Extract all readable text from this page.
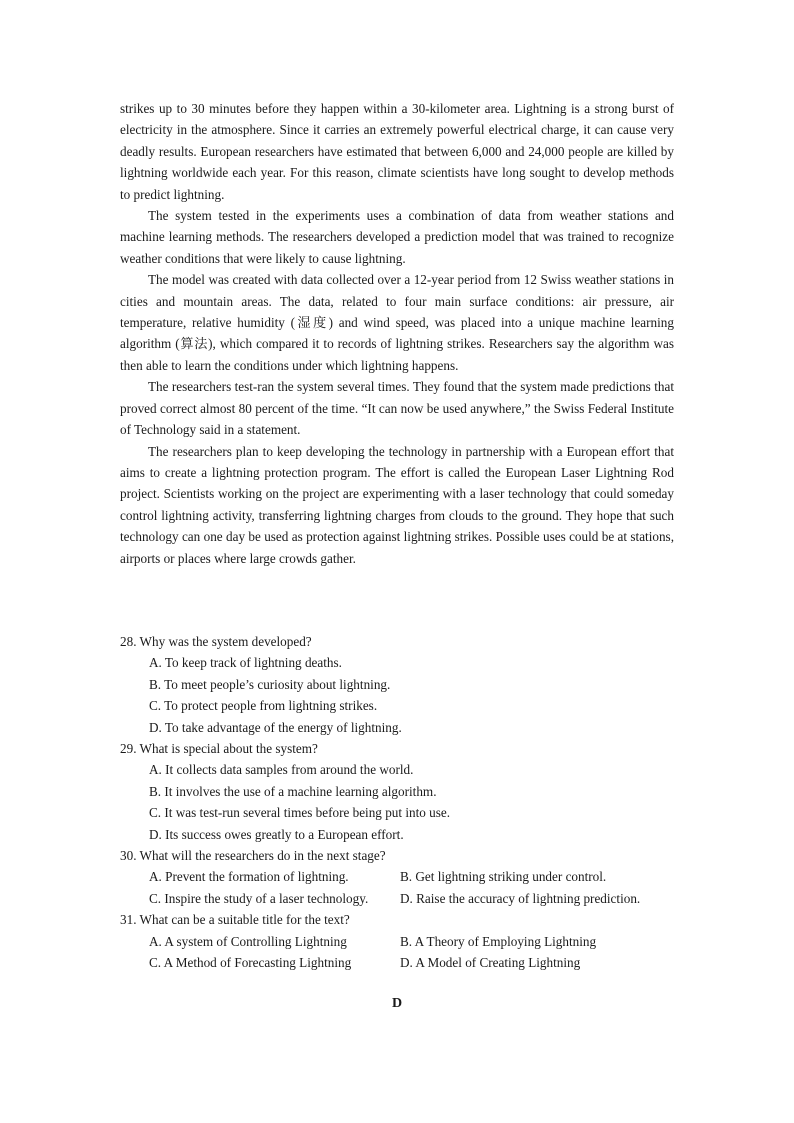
strikes up to 30 minutes before they happen within a 30-kilometer area. Lightning is a strong burst of electricity in the atmosphere. Since it carries an extremely powerful electrical charge, it can cause very deadly results. European researchers have estimated that between 6,000 and 24,000 people are killed by lightning worldwide each year. For this reason, climate scientists have long sought to develop methods to predict lightning.

The system tested in the experiments uses a combination of data from weather stations and machine learning methods. The researchers developed a prediction model that was trained to recognize weather conditions that were likely to cause lightning.

The model was created with data collected over a 12-year period from 12 Swiss weather stations in cities and mountain areas. The data, related to four main surface conditions: air pressure, air temperature, relative humidity (湿度) and wind speed, was placed into a unique machine learning algorithm (算法), which compared it to records of lightning strikes. Researchers say the algorithm was then able to learn the conditions under which lightning happens.

The researchers test-ran the system several times. They found that the system made predictions that proved correct almost 80 percent of the time. “It can now be used anywhere,” the Swiss Federal Institute of Technology said in a statement.

The researchers plan to keep developing the technology in partnership with a European effort that aims to create a lightning protection program. The effort is called the European Laser Lightning Rod project. Scientists working on the project are experimenting with a laser technology that could someday control lightning activity, transferring lightning charges from clouds to the ground. They hope that such technology can one day be used as protection against lightning strikes. Possible uses could be at stations, airports or places where large crowds gather.

28. Why was the system developed?

A. To keep track of lightning deaths.

B. To meet people’s curiosity about lightning.

C. To protect people from lightning strikes.

D. To take advantage of the energy of lightning.

29. What is special about the system?

A. It collects data samples from around the world.

B. It involves the use of a machine learning algorithm.

C. It was test-run several times before being put into use.

D. Its success owes greatly to a European effort.

30. What will the researchers do in the next stage?

A. Prevent the formation of lightning.	B. Get lightning striking under control.
C. Inspire the study of a laser technology.	D. Raise the accuracy of lightning prediction.

31. What can be a suitable title for the text?

A. A system of Controlling Lightning	B. A Theory of Employing Lightning
C. A Method of Forecasting Lightning	D. A Model of Creating Lightning
D
